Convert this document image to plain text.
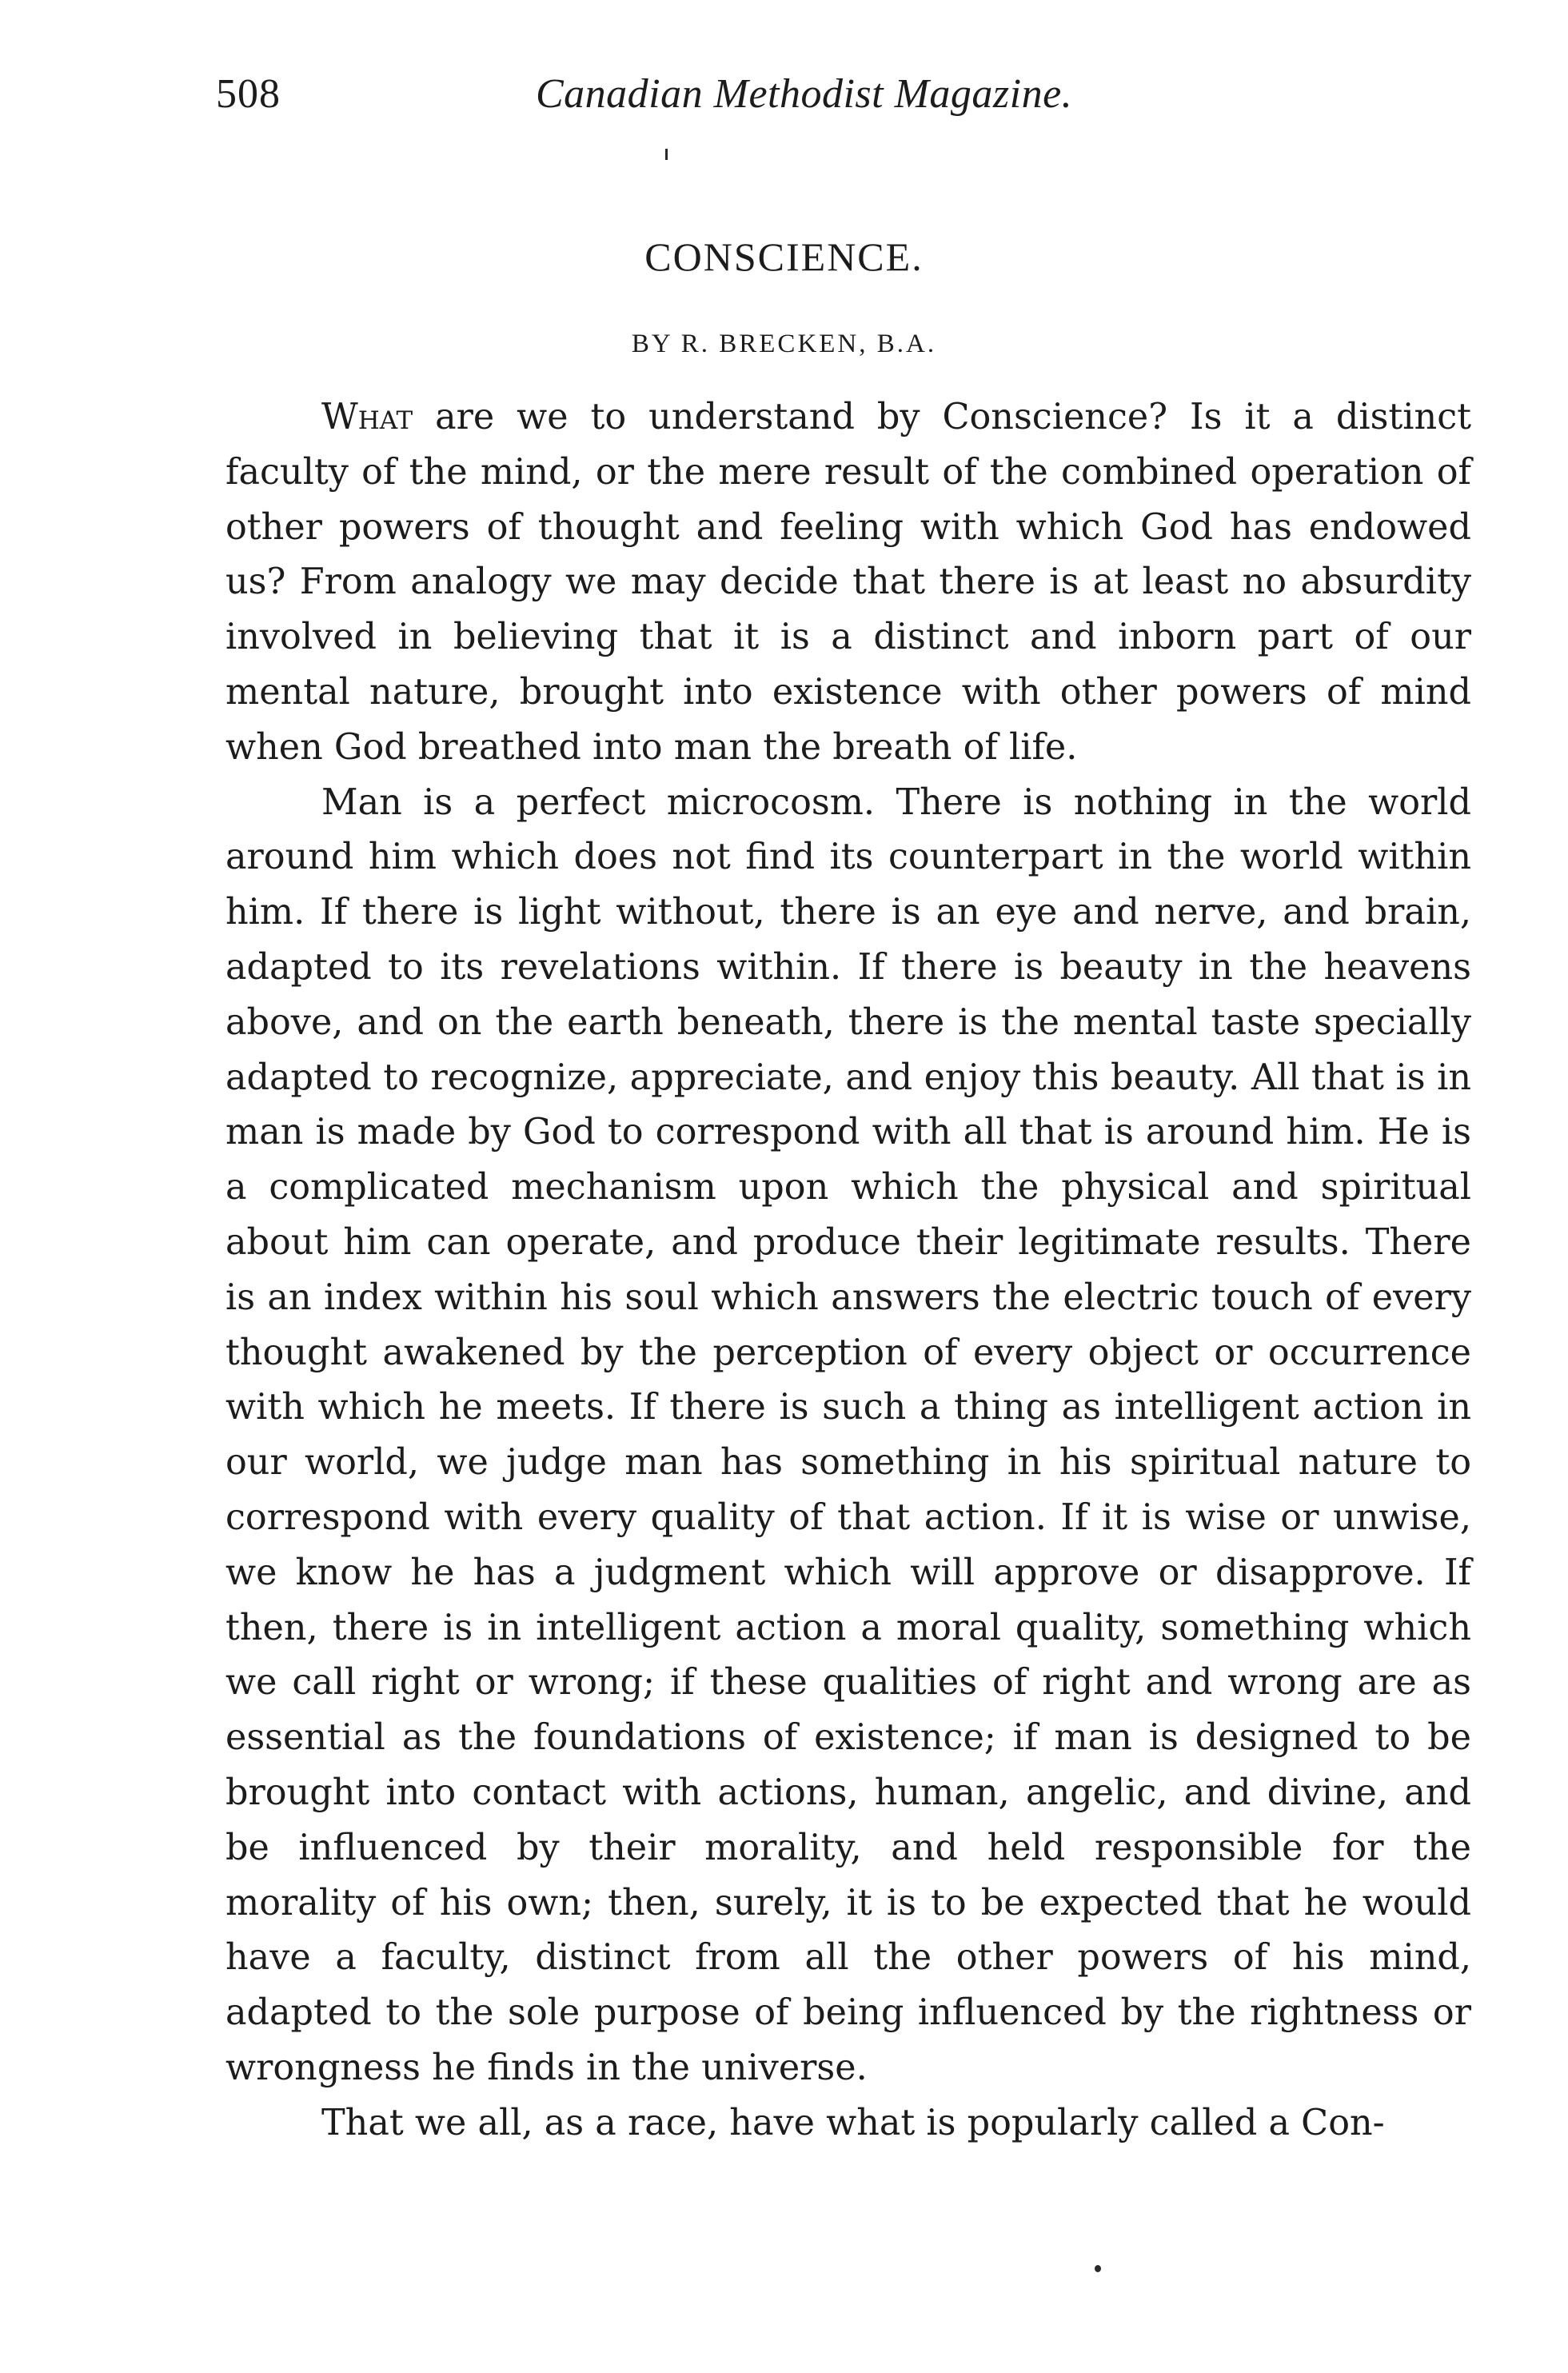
508	Canadian Methodist Magazine.
CONSCIENCE.
BY R. BRECKEN, B.A.

What are we to understand by Conscience? Is it a distinct faculty of the mind, or the mere result of the combined operation of other powers of thought and feeling with which God has endowed us? From analogy we may decide that there is at least no absurdity involved in believing that it is a distinct and inborn part of our mental nature, brought into existence with other powers of mind when God breathed into man the breath of life.

Man is a perfect microcosm. There is nothing in the world around him which does not find its counterpart in the world within him. If there is light without, there is an eye and nerve, and brain, adapted to its revelations within. If there is beauty in the heavens above, and on the earth beneath, there is the mental taste specially adapted to recognize, appreciate, and enjoy this beauty. All that is in man is made by God to correspond with all that is around him. He is a complicated mechanism upon which the physical and spiritual about him can operate, and produce their legitimate results. There is an index within his soul which answers the electric touch of every thought awakened by the perception of every object or occurrence with which he meets. If there is such a thing as intelligent action in our world, we judge man has something in his spiritual nature to correspond with every quality of that action. If it is wise or unwise, we know he has a judgment which will approve or disapprove. If then, there is in intelligent action a moral quality, something which we call right or wrong; if these qualities of right and wrong are as essential as the foundations of existence; if man is designed to be brought into contact with actions, human, angelic, and divine, and be influenced by their morality, and held responsible for the morality of his own; then, surely, it is to be expected that he would have a faculty, distinct from all the other powers of his mind, adapted to the sole purpose of being influenced by the rightness or wrongness he finds in the universe.

That we all, as a race, have what is popularly called a Con-
